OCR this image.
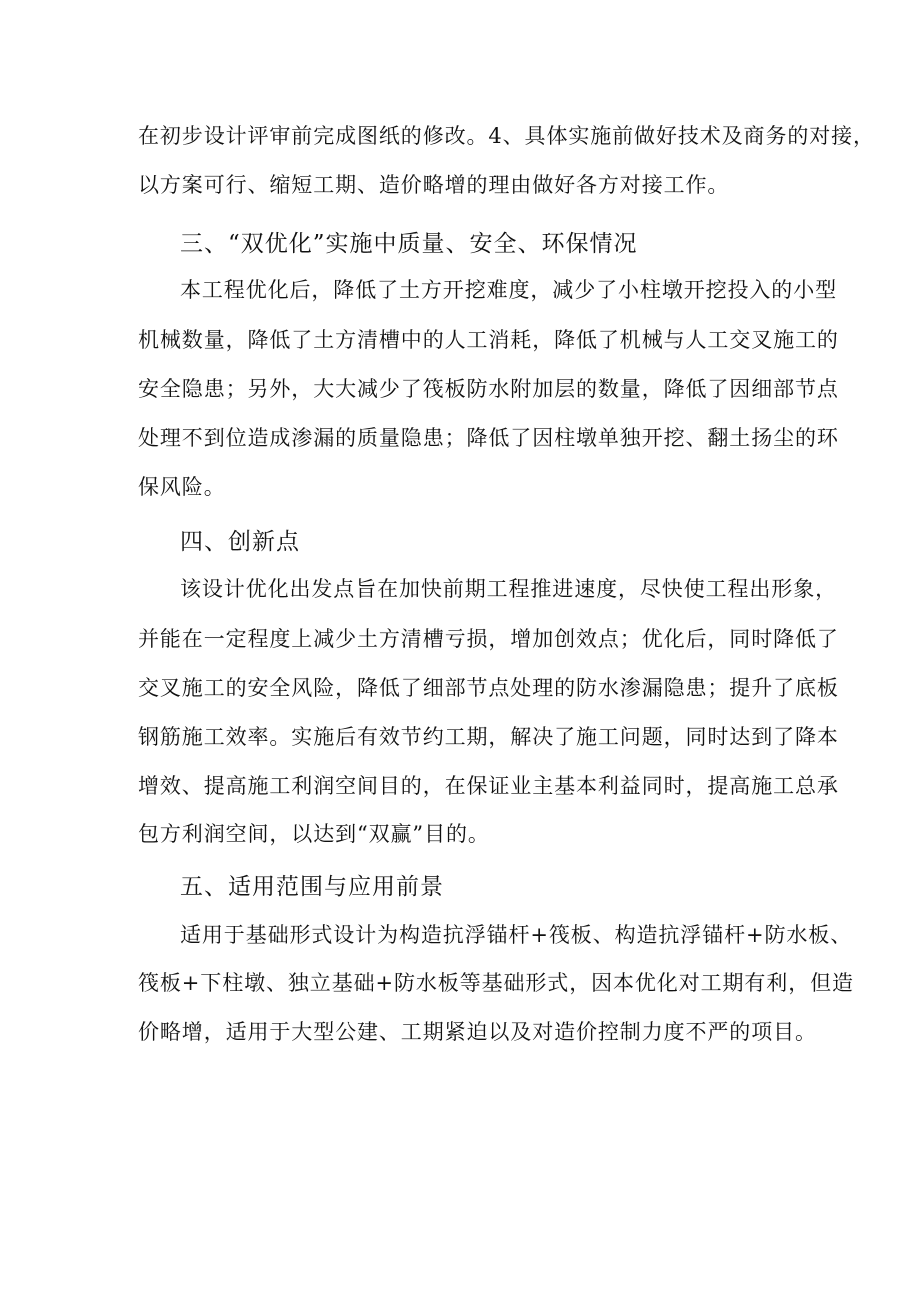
在初步设计评审前完成图纸的修改。4、具体实施前做好技术及商务的对接，
以方案可行、缩短工期、造价略增的理由做好各方对接工作。
三、“双优化”实施中质量、安全、环保情况
本工程优化后，降低了土方开挖难度，减少了小柱墩开挖投入的小型
机械数量，降低了土方清槽中的人工消耗，降低了机械与人工交叉施工的
安全隐患；另外，大大减少了筏板防水附加层的数量，降低了因细部节点
处理不到位造成渗漏的质量隐患；降低了因柱墩单独开挖、翻土扬尘的环
保风险。
四、创新点
该设计优化出发点旨在加快前期工程推进速度，尽快使工程出形象，
并能在一定程度上减少土方清槽亏损，增加创效点；优化后，同时降低了
交叉施工的安全风险，降低了细部节点处理的防水渗漏隐患；提升了底板
钢筋施工效率。实施后有效节约工期，解决了施工问题，同时达到了降本
增效、提高施工利润空间目的，在保证业主基本利益同时，提高施工总承
包方利润空间，以达到“双赢”目的。
五、适用范围与应用前景
适用于基础形式设计为构造抗浮锚杆+筏板、构造抗浮锚杆+防水板、
筏板+下柱墩、独立基础+防水板等基础形式，因本优化对工期有利，但造
价略增，适用于大型公建、工期紧迫以及对造价控制力度不严的项目。
